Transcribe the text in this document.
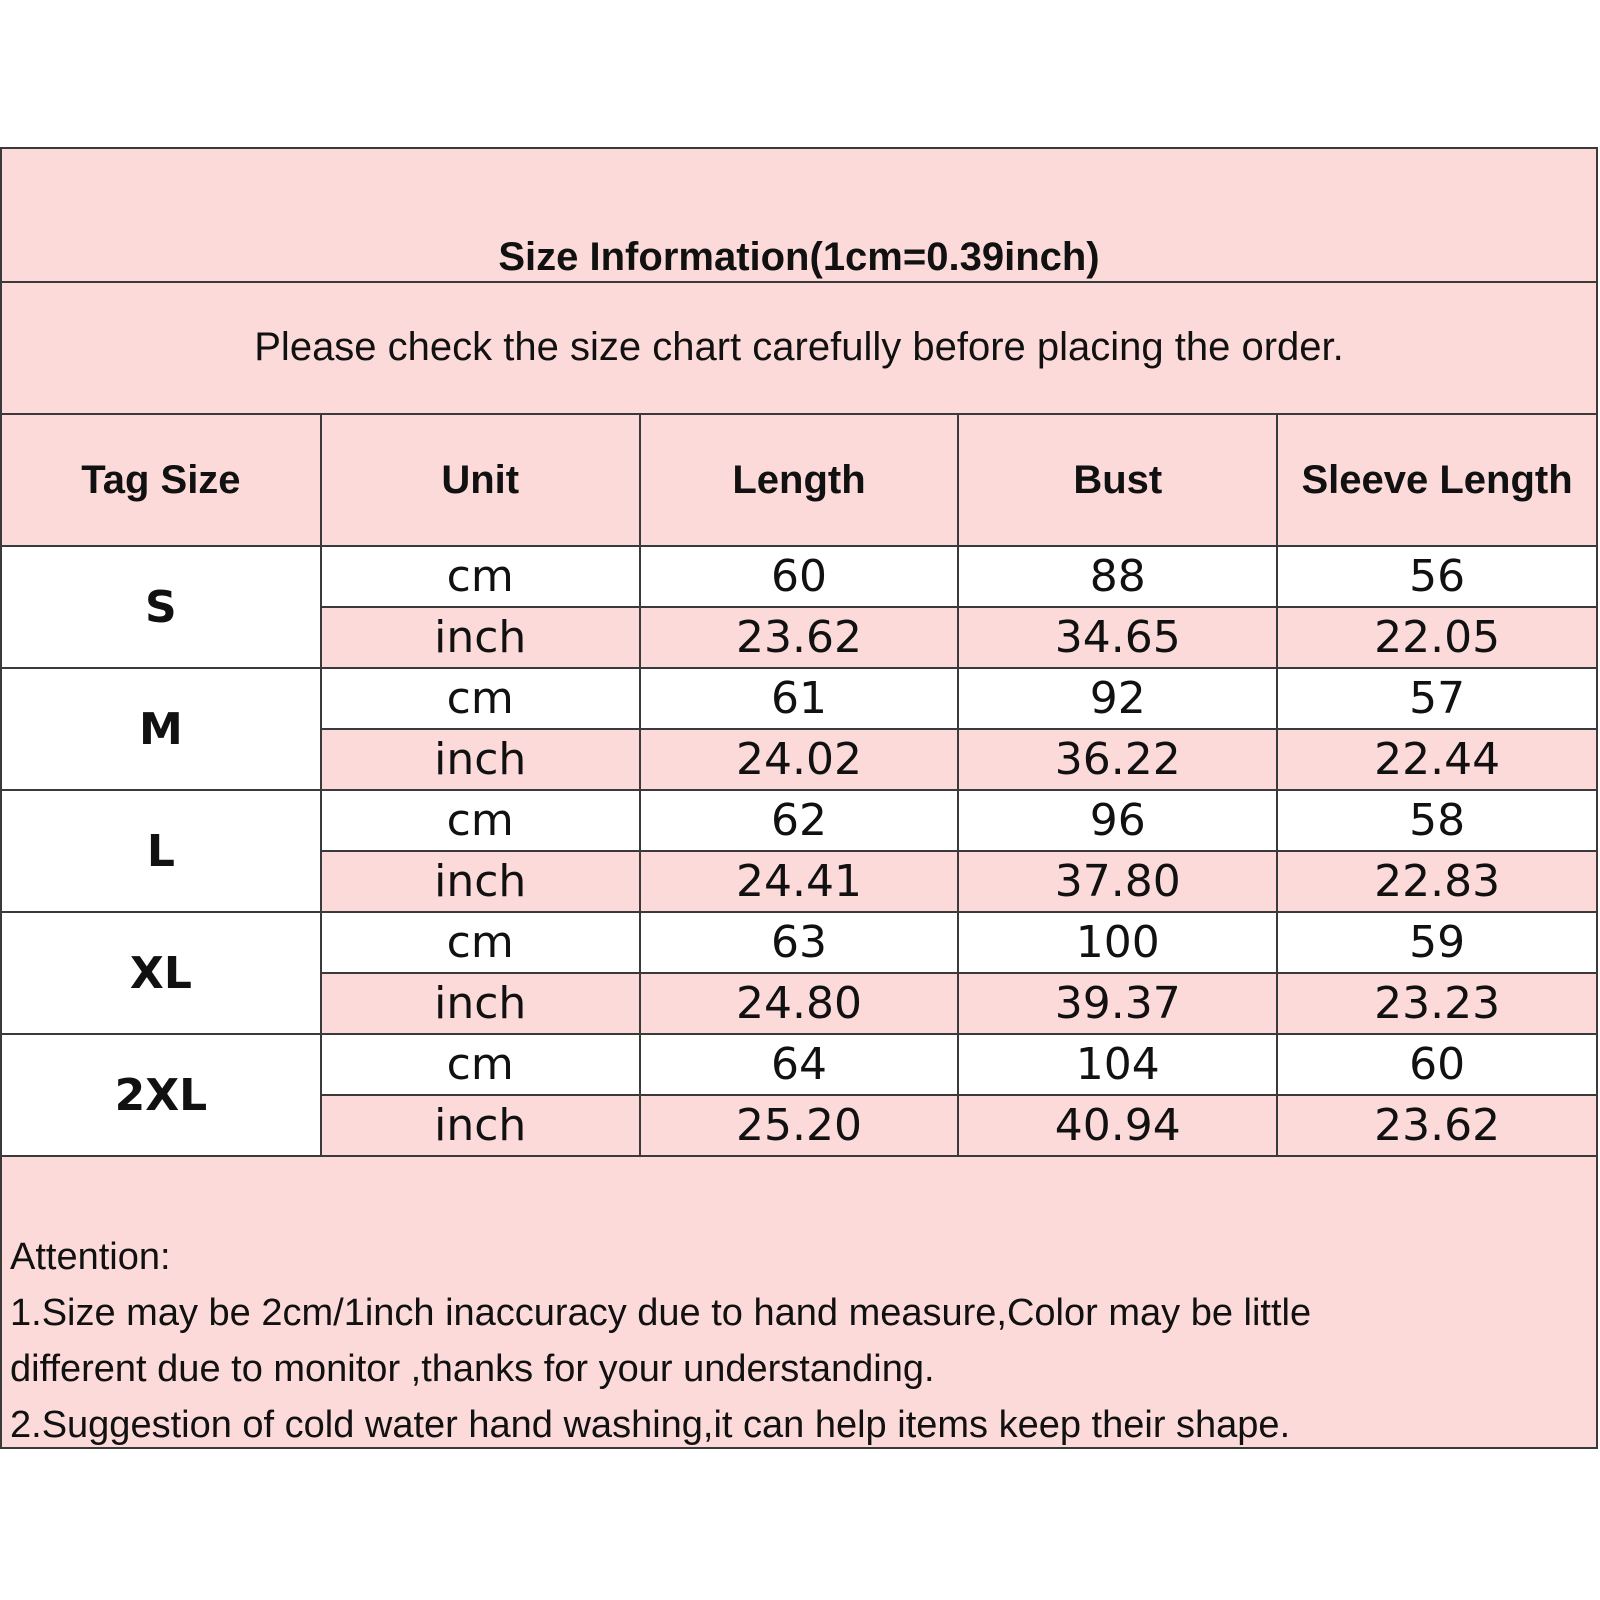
Size Information(1cm=0.39inch)
Please check the size chart carefully before placing the order.
Tag Size	Unit	Length	Bust	Sleeve Length
S	cm	60	88	56
	inch	23.62	34.65	22.05
M	cm	61	92	57
	inch	24.02	36.22	22.44
L	cm	62	96	58
	inch	24.41	37.80	22.83
XL	cm	63	100	59
	inch	24.80	39.37	23.23
2XL	cm	64	104	60
	inch	25.20	40.94	23.62
Attention:
1.Size may be 2cm/1inch inaccuracy due to hand measure,Color may be little
different due to monitor ,thanks for your understanding.
2.Suggestion of cold water hand washing,it can help items keep their shape.
